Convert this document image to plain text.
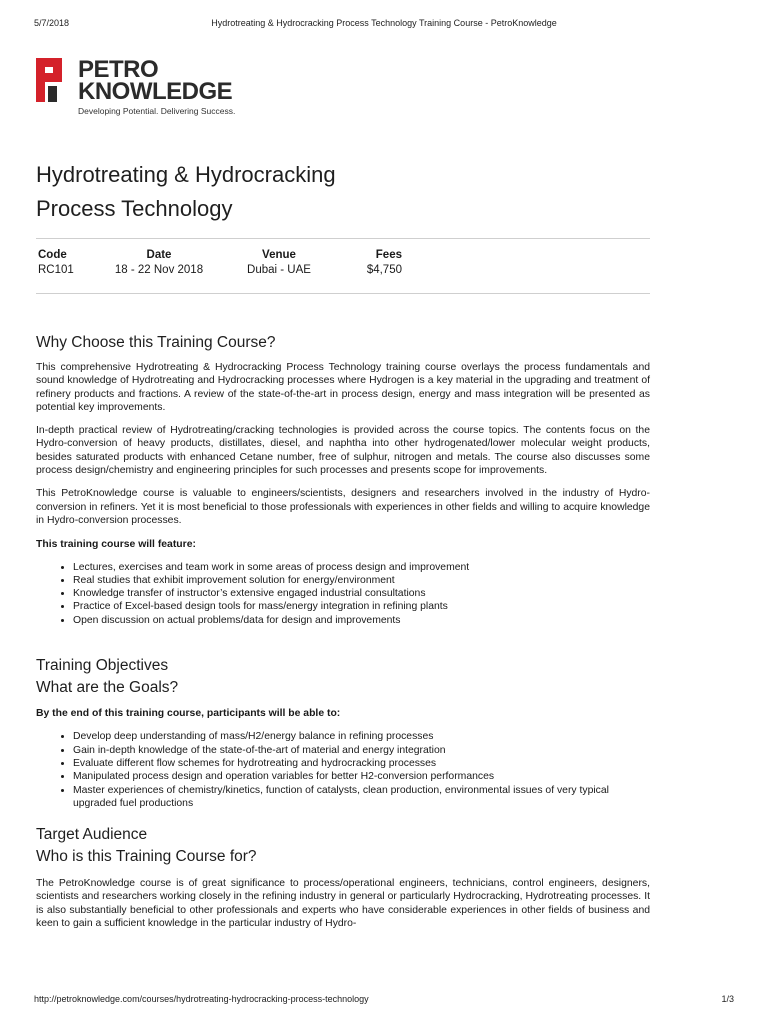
5/7/2018	Hydrotreating & Hydrocracking Process Technology Training Course - PetroKnowledge
PETRO
KNOWLEDGE
Developing Potential. Delivering Success.
Hydrotreating & Hydrocracking
Process Technology
Code
RC101
Date
18 - 22 Nov 2018
Venue
Dubai - UAE
Fees
$4,750
Why Choose this Training Course?

This comprehensive Hydrotreating & Hydrocracking Process Technology training course overlays the process fundamentals and sound knowledge of Hydrotreating and Hydrocracking processes where Hydrogen is a key material in the upgrading and treatment of refinery products and fractions. A review of the state-of-the-art in process design, energy and mass integration will be presented as potential key improvements.

In-depth practical review of Hydrotreating/cracking technologies is provided across the course topics. The contents focus on the Hydro-conversion of heavy products, distillates, diesel, and naphtha into other hydrogenated/lower molecular weight products, besides saturated products with enhanced Cetane number, free of sulphur, nitrogen and metals. The course also discusses some process design/chemistry and engineering principles for such processes and presents scope for improvements.

This PetroKnowledge course is valuable to engineers/scientists, designers and researchers involved in the industry of Hydro-conversion in refiners. Yet it is most beneficial to those professionals with experiences in other fields and willing to acquire knowledge in Hydro-conversion processes.

This training course will feature:

• Lectures, exercises and team work in some areas of process design and improvement
• Real studies that exhibit improvement solution for energy/environment
• Knowledge transfer of instructor’s extensive engaged industrial consultations
• Practice of Excel-based design tools for mass/energy integration in refining plants
• Open discussion on actual problems/data for design and improvements
Training Objectives
What are the Goals?

By the end of this training course, participants will be able to:

• Develop deep understanding of mass/H2/energy balance in refining processes
• Gain in-depth knowledge of the state-of-the-art of material and energy integration
• Evaluate different flow schemes for hydrotreating and hydrocracking processes
• Manipulated process design and operation variables for better H2-conversion performances
• Master experiences of chemistry/kinetics, function of catalysts, clean production, environmental issues of very typical upgraded fuel productions
Target Audience
Who is this Training Course for?

The PetroKnowledge course is of great significance to process/operational engineers, technicians, control engineers, designers, scientists and researchers working closely in the refining industry in general or particularly Hydrocracking, Hydrotreating processes. It is also substantially beneficial to other professionals and experts who have considerable experiences in other fields of business and keen to gain a sufficient knowledge in the particular industry of Hydro-

http://petroknowledge.com/courses/hydrotreating-hydrocracking-process-technology	1/3
